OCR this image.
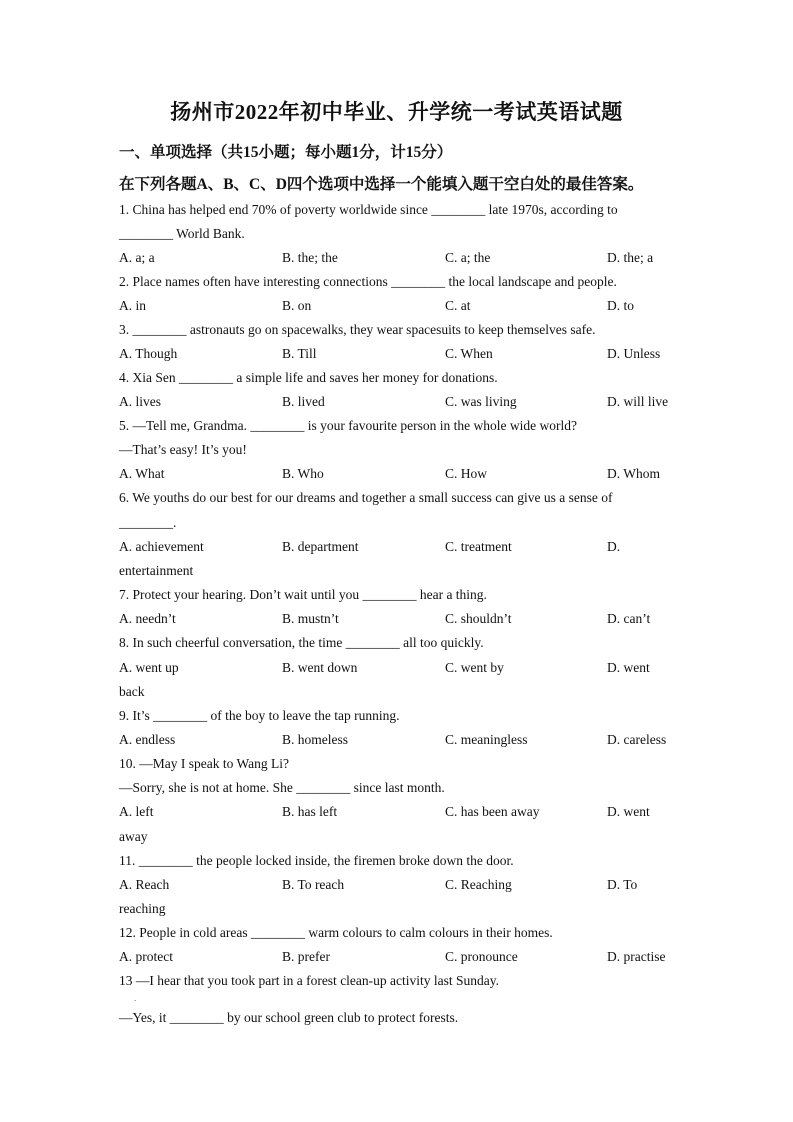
扬州市2022年初中毕业、升学统一考试英语试题
一、单项选择（共15小题；每小题1分，计15分）
在下列各题A、B、C、D四个选项中选择一个能填入题干空白处的最佳答案。
1. China has helped end 70% of poverty worldwide since ________ late 1970s, according to
________ World Bank.
A. a; a	B. the; the	C. a; the	D. the; a
2. Place names often have interesting connections ________ the local landscape and people.
A. in	B. on	C. at	D. to
3. ________ astronauts go on spacewalks, they wear spacesuits to keep themselves safe.
A. Though	B. Till	C. When	D. Unless
4. Xia Sen ________ a simple life and saves her money for donations.
A. lives	B. lived	C. was living	D. will live
5. —Tell me, Grandma. ________ is your favourite person in the whole wide world?
—That’s easy! It’s you!
A. What	B. Who	C. How	D. Whom
6. We youths do our best for our dreams and together a small success can give us a sense of
________.
A. achievement	B. department	C. treatment	D.
entertainment
7. Protect your hearing. Don’t wait until you ________ hear a thing.
A. needn’t	B. mustn’t	C. shouldn’t	D. can’t
8. In such cheerful conversation, the time ________ all too quickly.
A. went up	B. went down	C. went by	D. went
back
9. It’s ________ of the boy to leave the tap running.
A. endless	B. homeless	C. meaningless	D. careless
10. —May I speak to Wang Li?
—Sorry, she is not at home. She ________ since last month.
A. left	B. has left	C. has been away	D. went
away
11. ________ the people locked inside, the firemen broke down the door.
A. Reach	B. To reach	C. Reaching	D. To
reaching
12. People in cold areas ________ warm colours to calm colours in their homes.
A. protect	B. prefer	C. pronounce	D. practise
13 —I hear that you took part in a forest clean-up activity last Sunday.
.
—Yes, it ________ by our school green club to protect forests.
